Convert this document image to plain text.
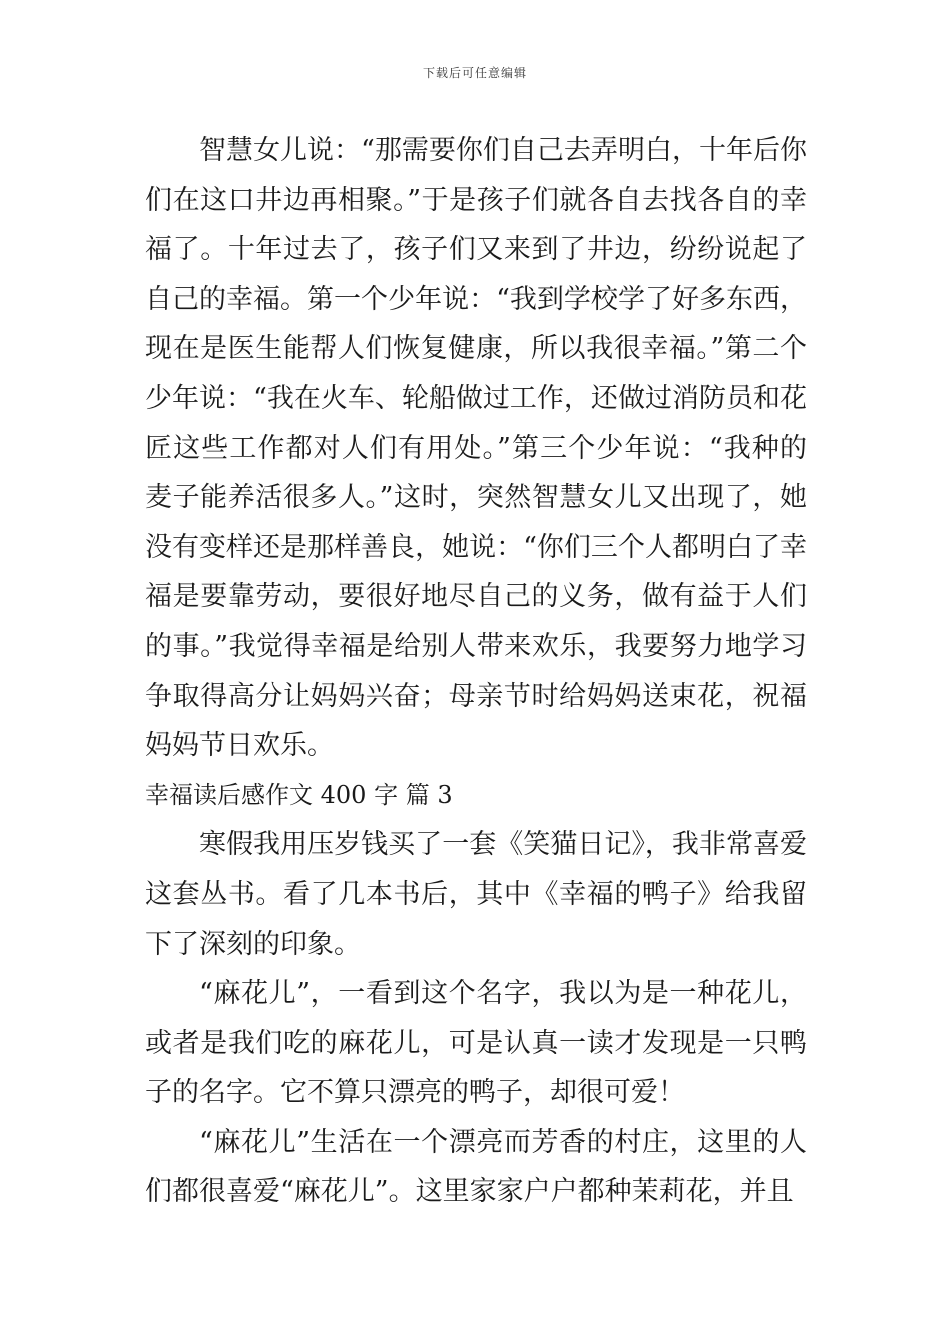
下载后可任意编辑

智慧女儿说：“那需要你们自己去弄明白，十年后你们在这口井边再相聚。”于是孩子们就各自去找各自的幸福了。十年过去了，孩子们又来到了井边，纷纷说起了自己的幸福。第一个少年说：“我到学校学了好多东西，现在是医生能帮人们恢复健康，所以我很幸福。”第二个少年说：“我在火车、轮船做过工作，还做过消防员和花匠这些工作都对人们有用处。”第三个少年说：“我种的麦子能养活很多人。”这时，突然智慧女儿又出现了，她没有变样还是那样善良，她说：“你们三个人都明白了幸福是要靠劳动，要很好地尽自己的义务，做有益于人们的事。”我觉得幸福是给别人带来欢乐，我要努力地学习争取得高分让妈妈兴奋；母亲节时给妈妈送束花，祝福妈妈节日欢乐。

幸福读后感作文 400 字 篇 3

寒假我用压岁钱买了一套《笑猫日记》，我非常喜爱这套丛书。看了几本书后，其中《幸福的鸭子》给我留下了深刻的印象。

“麻花儿”，一看到这个名字，我以为是一种花儿，或者是我们吃的麻花儿，可是认真一读才发现是一只鸭子的名字。它不算只漂亮的鸭子，却很可爱！

“麻花儿”生活在一个漂亮而芳香的村庄，这里的人们都很喜爱“麻花儿”。这里家家户户都种茉莉花，并且
